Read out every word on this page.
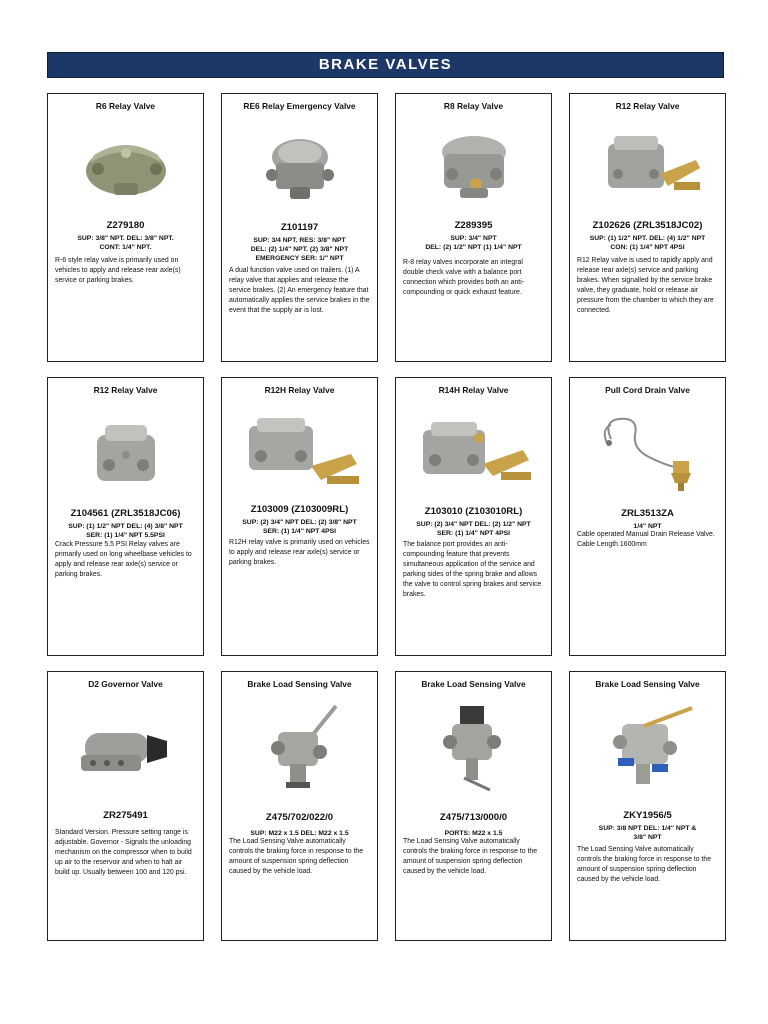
BRAKE VALVES
R6 Relay Valve
Z279180
SUP: 3/8" NPT. DEL: 3/8" NPT.
CONT: 1/4" NPT.
R-6 style relay valve is primarily used on vehicles to apply and release rear axle(s) service or parking brakes.
RE6 Relay Emergency Valve
Z101197
SUP: 3/4 NPT. RES: 3/8" NPT
DEL: (2) 1/4" NPT. (2) 3/8" NPT
EMERGENCY SER: 1/" NPT
A dual function valve used on trailers. (1) A relay valve that applies and release the service brakes. (2) An emergency feature that automatically applies the service brakes in the event that the supply air is lost.
R8 Relay Valve
Z289395
SUP: 3/4" NPT
DEL: (2) 1/2" NPT (1) 1/4" NPT
R-8 relay valves incorporate an integral double check valve with a balance port connection which provides both an anti-compounding or quick exhaust feature.
R12 Relay Valve
Z102626 (ZRL3518JC02)
SUP: (1) 1/2" NPT. DEL: (4) 1/2" NPT
CON: (1) 1/4" NPT 4PSI
R12 Relay valve is used to rapidly apply and release rear axle(s) service and parking brakes. When signalled by the service brake valve, they graduate, hold or release air pressure from the chamber to which they are connected.
R12 Relay Valve
Z104561 (ZRL3518JC06)
SUP: (1) 1/2" NPT DEL: (4) 3/8" NPT
SER: (1) 1/4" NPT 5.5PSI
Crack Pressure 5.5 PSI Relay valves are primarily used on long wheelbase vehicles to apply and release rear axle(s) service or parking brakes.
R12H Relay Valve
Z103009 (Z103009RL)
SUP: (2) 3/4" NPT DEL: (2) 3/8" NPT
SER: (1) 1/4" NPT 4PSI
R12H relay valve is primarily used on vehicles to apply and release rear axle(s) service or parking brakes.
R14H Relay Valve
Z103010 (Z103010RL)
SUP: (2) 3/4" NPT DEL: (2) 1/2" NPT
SER: (1) 1/4" NPT 4PSI
The balance port provides an anti-compounding feature that prevents simultaneous application of the service and parking sides of the spring brake and allows the valve to control spring brakes and service brakes.
Pull Cord Drain Valve
ZRL3513ZA
1/4" NPT
Cable operated Manual Drain Release Valve. Cable Length 1600mm
D2 Governor Valve
ZR275491
Standard Version. Pressure setting range is adjustable. Governor - Signals the unloading mechanism on the compressor when to build up air to the reservoir and when to halt air build up. Usually between 100 and 120 psi.
Brake Load Sensing Valve
Z475/702/022/0
SUP: M22 x 1.5 DEL: M22 x 1.5
The Load Sensing Valve automatically controls the braking force in response to the amount of suspension spring deflection caused by the vehicle load.
Brake Load Sensing Valve
Z475/713/000/0
PORTS: M22 x 1.5
The Load Sensing Valve automatically controls the braking force in response to the amount of suspension spring deflection caused by the vehicle load.
Brake Load Sensing Valve
ZKY1956/5
SUP: 3/8 NPT DEL: 1/4" NPT &
3/8" NPT
The Load Sensing Valve automatically controls the braking force in response to the amount of suspension spring deflection caused by the vehicle load.
